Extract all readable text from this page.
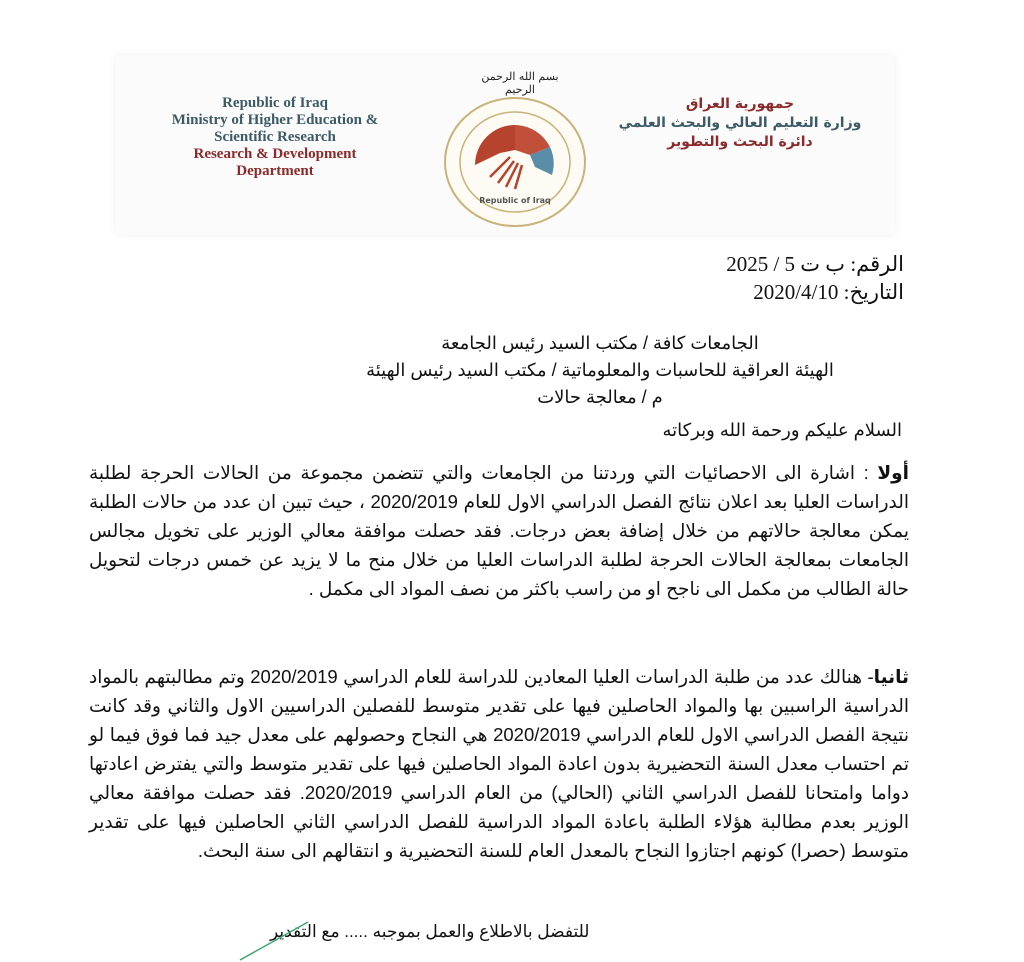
Republic of Iraq
Ministry of Higher Education &
Scientific Research
Research & Development
Department
بسم الله الرحمن الرحيم
Republic of Iraq
جمهورية العراق
وزارة التعليم العالي والبحث العلمي
دائرة البحث والتطوير
الرقم: ب ت 5 / 2025
التاريخ: 2020/4/10
الجامعات كافة / مكتب السيد رئيس الجامعة
الهيئة العراقية للحاسبات والمعلوماتية / مكتب السيد رئيس الهيئة
م / معالجة حالات
السلام عليكم ورحمة الله وبركاته
أولا : اشارة الى الاحصائيات التي وردتنا من الجامعات والتي تتضمن مجموعة من الحالات الحرجة لطلبة الدراسات العليا بعد اعلان نتائج الفصل الدراسي الاول للعام 2020/2019 ، حيث تبين ان عدد من حالات الطلبة يمكن معالجة حالاتهم من خلال إضافة بعض درجات. فقد حصلت موافقة معالي الوزير على تخويل مجالس الجامعات بمعالجة الحالات الحرجة لطلبة الدراسات العليا من خلال منح ما لا يزيد عن خمس درجات لتحويل حالة الطالب من مكمل الى ناجح او من راسب باكثر من نصف المواد الى مكمل .
ثانيا- هنالك عدد من طلبة الدراسات العليا المعادين للدراسة للعام الدراسي 2020/2019 وتم مطالبتهم بالمواد الدراسية الراسبين بها والمواد الحاصلين فيها على تقدير متوسط للفصلين الدراسيين الاول والثاني وقد كانت نتيجة الفصل الدراسي الاول للعام الدراسي 2020/2019 هي النجاح وحصولهم على معدل جيد فما فوق فيما لو تم احتساب معدل السنة التحضيرية بدون اعادة المواد الحاصلين فيها على تقدير متوسط والتي يفترض اعادتها دواما وامتحانا للفصل الدراسي الثاني (الحالي) من العام الدراسي 2020/2019. فقد حصلت موافقة معالي الوزير بعدم مطالبة هؤلاء الطلبة باعادة المواد الدراسية للفصل الدراسي الثاني الحاصلين فيها على تقدير متوسط (حصرا) كونهم اجتازوا النجاح بالمعدل العام للسنة التحضيرية و انتقالهم الى سنة البحث.
للتفضل بالاطلاع والعمل بموجبه ..... مع التقدير
